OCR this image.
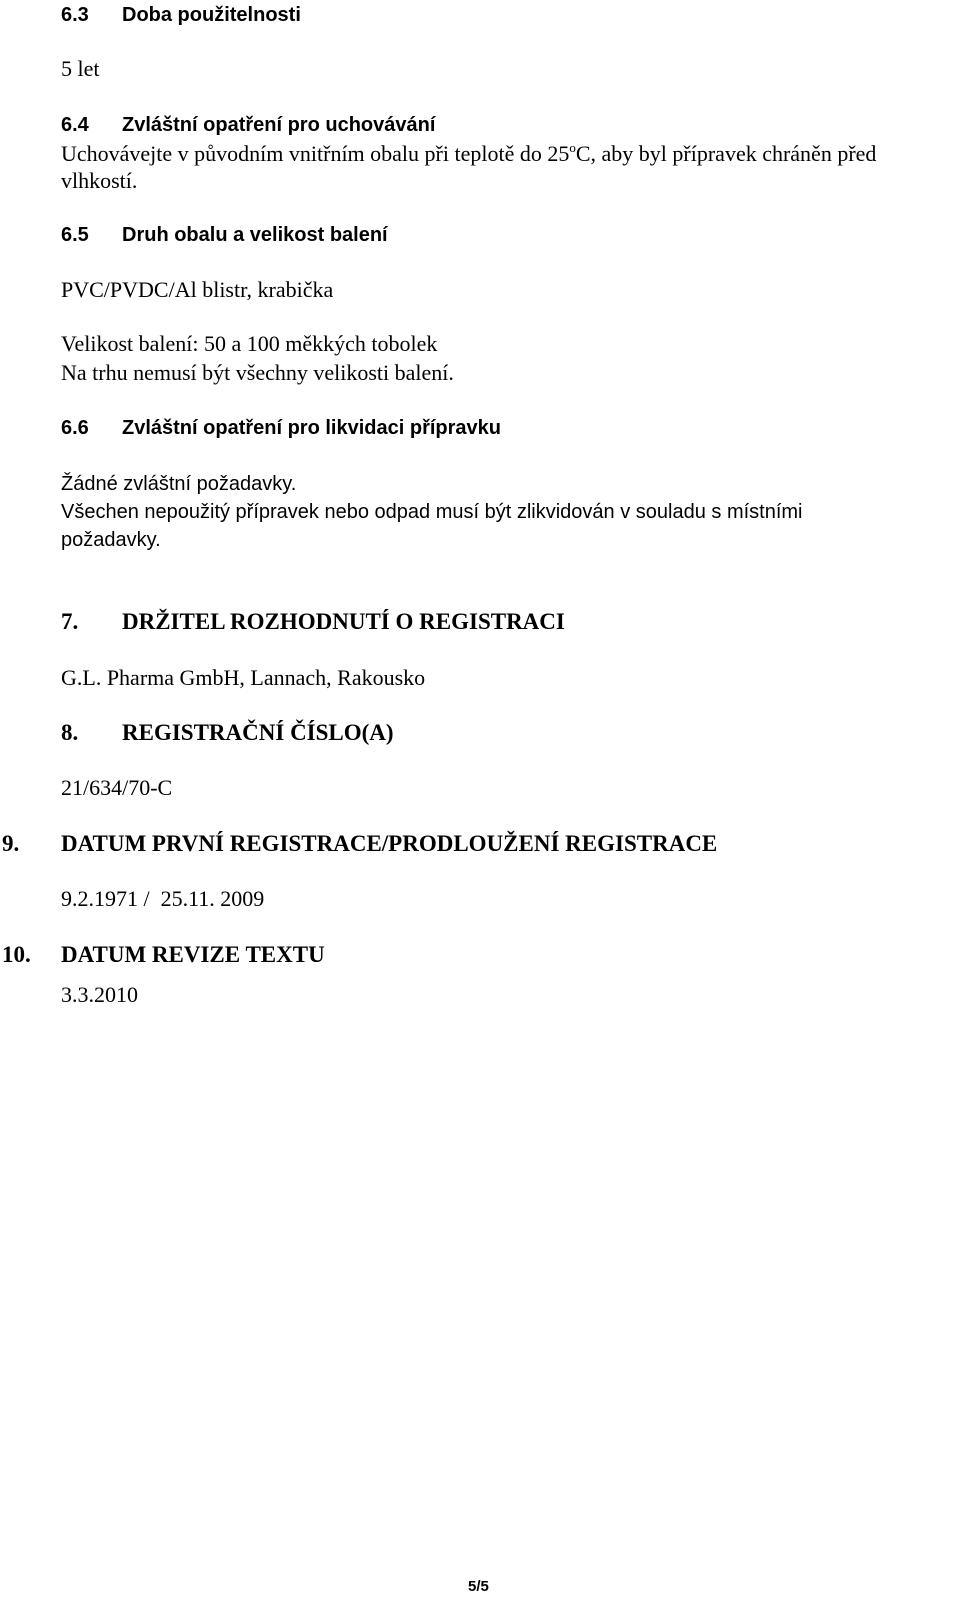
6.3 Doba použitelnosti
5 let
6.4 Zvláštní opatření pro uchovávání
Uchovávejte v původním vnitřním obalu při teplotě do 25$^o$C, aby byl přípravek chráněn před
vlhkostí.
6.5 Druh obalu a velikost balení
PVC/PVDC/Al blistr, krabička
Velikost balení: 50 a 100 měkkých tobolek
Na trhu nemusí být všechny velikosti balení.
6.6 Zvláštní opatření pro likvidaci přípravku
Žádné zvláštní požadavky.
Všechen nepoužitý přípravek nebo odpad musí být zlikvidován v souladu s místními
požadavky.
7. DRŽITEL ROZHODNUTÍ O REGISTRACI
G.L. Pharma GmbH, Lannach, Rakousko
8. REGISTRAČNÍ ČÍSLO(A)
21/634/70-C
9. DATUM PRVNÍ REGISTRACE/PRODLOUŽENÍ REGISTRACE
9.2.1971 /  25.11. 2009
10. DATUM REVIZE TEXTU
3.3.2010
5/5
